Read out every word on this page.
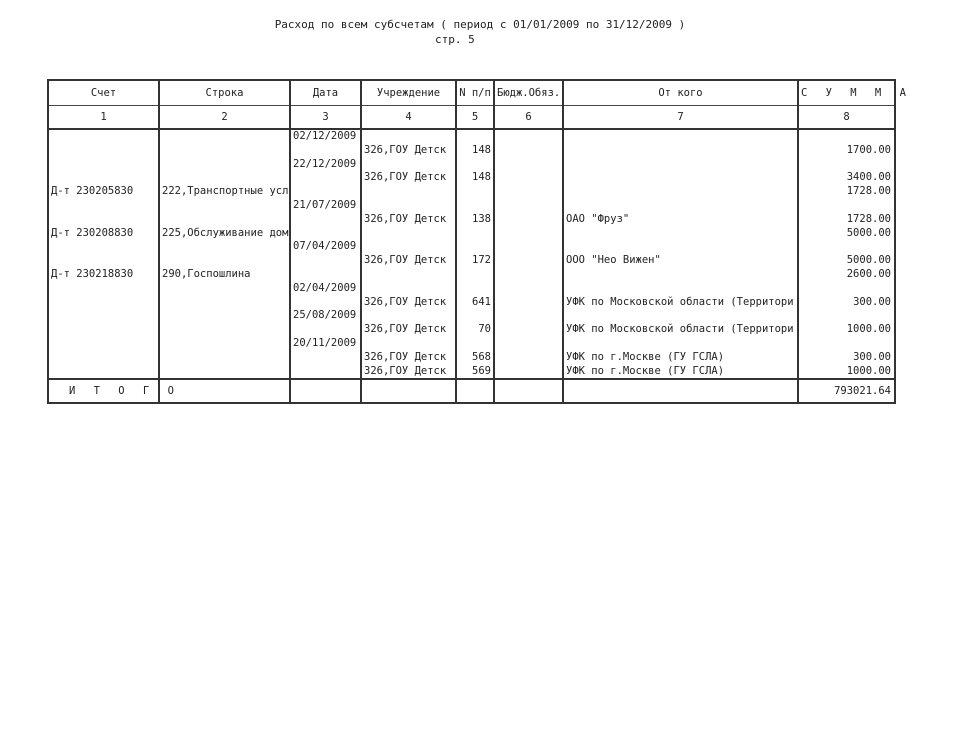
Расход по всем субсчетам ( период с 01/01/2009 по 31/12/2009 )
стр. 5
Счет	Строка	Дата	Учреждение	N п/п	Бюдж.Обяз.	От кого	С У М М А
1	2	3	4	5	6	7	8
		02/12/2009					
			326,ГОУ Детск	148			1700.00
		22/12/2009					
			326,ГОУ Детск	148			3400.00
Д-т 230205830	222,Транспортные усл						1728.00
		21/07/2009					
			326,ГОУ Детск	138		ОАО "Фруз"	1728.00
Д-т 230208830	225,Обслуживание дом						5000.00
		07/04/2009					
			326,ГОУ Детск	172		ООО "Нео Вижен"	5000.00
Д-т 230218830	290,Госпошлина						2600.00
		02/04/2009					
			326,ГОУ Детск	641		УФК по Московской области (Территори	300.00
		25/08/2009					
			326,ГОУ Детск	70		УФК по Московской области (Территори	1000.00
		20/11/2009					
			326,ГОУ Детск	568		УФК по г.Москве (ГУ ГСЛА)	300.00
			326,ГОУ Детск	569		УФК по г.Москве (ГУ ГСЛА)	1000.00
И Т О Г О							793021.64
